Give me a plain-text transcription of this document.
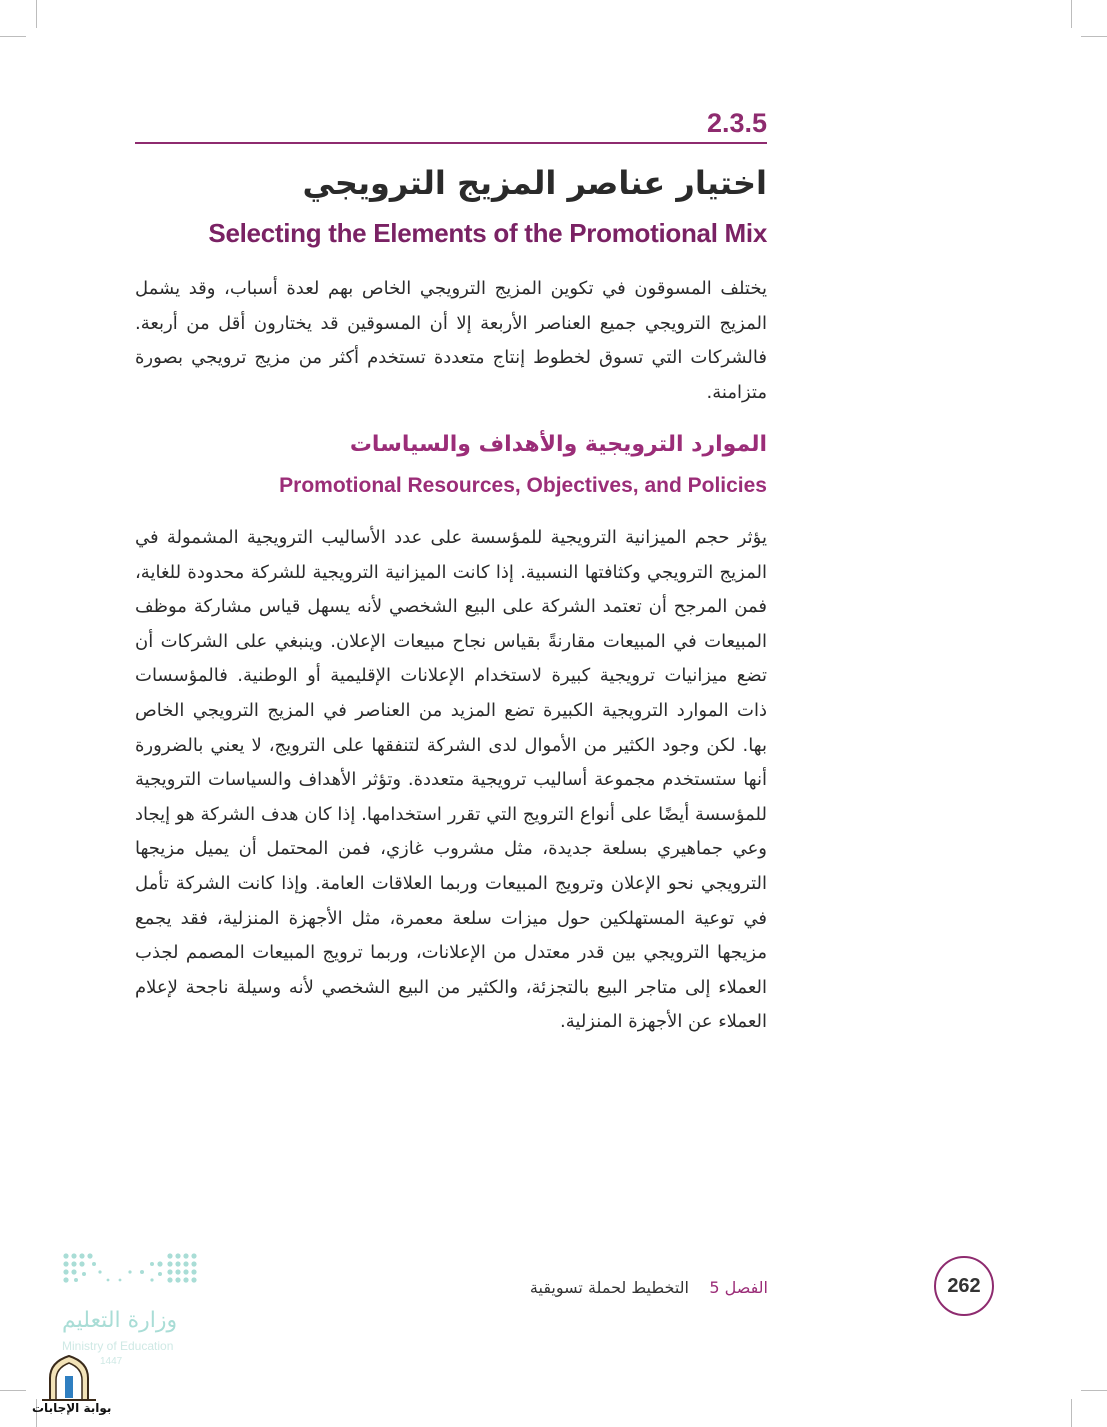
2.3.5
اختيار عناصر المزيج الترويجي
Selecting the Elements of the Promotional Mix

يختلف المسوقون في تكوين المزيج الترويجي الخاص بهم لعدة أسباب، وقد يشمل المزيج الترويجي جميع العناصر الأربعة إلا أن المسوقين قد يختارون أقل من أربعة. فالشركات التي تسوق لخطوط إنتاج متعددة تستخدم أكثر من مزيج ترويجي بصورة متزامنة.

الموارد الترويجية والأهداف والسياسات
Promotional Resources, Objectives, and Policies

يؤثر حجم الميزانية الترويجية للمؤسسة على عدد الأساليب الترويجية المشمولة في المزيج الترويجي وكثافتها النسبية. إذا كانت الميزانية الترويجية للشركة محدودة للغاية، فمن المرجح أن تعتمد الشركة على البيع الشخصي لأنه يسهل قياس مشاركة موظف المبيعات في المبيعات مقارنةً بقياس نجاح مبيعات الإعلان. وينبغي على الشركات أن تضع ميزانيات ترويجية كبيرة لاستخدام الإعلانات الإقليمية أو الوطنية. فالمؤسسات ذات الموارد الترويجية الكبيرة تضع المزيد من العناصر في المزيج الترويجي الخاص بها. لكن وجود الكثير من الأموال لدى الشركة لتنفقها على الترويج، لا يعني بالضرورة أنها ستستخدم مجموعة أساليب ترويجية متعددة. وتؤثر الأهداف والسياسات الترويجية للمؤسسة أيضًا على أنواع الترويج التي تقرر استخدامها. إذا كان هدف الشركة هو إيجاد وعي جماهيري بسلعة جديدة، مثل مشروب غازي، فمن المحتمل أن يميل مزيجها الترويجي نحو الإعلان وترويج المبيعات وربما العلاقات العامة. وإذا كانت الشركة تأمل في توعية المستهلكين حول ميزات سلعة معمرة، مثل الأجهزة المنزلية، فقد يجمع مزيجها الترويجي بين قدر معتدل من الإعلانات، وربما ترويج المبيعات المصمم لجذب العملاء إلى متاجر البيع بالتجزئة، والكثير من البيع الشخصي لأنه وسيلة ناجحة لإعلام العملاء عن الأجهزة المنزلية.

الفصل 5    التخطيط لحملة تسويقية	262
وزارة التعليم
Ministry of Education
1447
بوابة الإجابات
